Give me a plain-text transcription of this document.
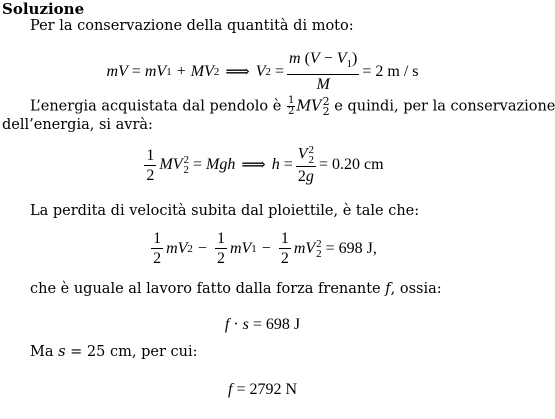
Soluzione
Per la conservazione della quantità di moto:
mV = mV 1 + MV 2 ⟹ V $2 = \frac{m (V - V_1)}{M} = 2$ m / s
L’energia acquistata dal pendolo è $\frac{1}{2}$ MV 2
2 e quindi, per la conservazione
dell’energia, si avrà:
$\frac{1}{2}$ MV 2
2 = Mgh ⟹ h = V 2
2
2g = 0.20 cm
La perdita di velocità subita dal ploiettile, è tale che:
$\frac{1}{2}$ mV $2 - \frac{1}{2}$ mV $1 - \frac{1}{2}$ mV 2
2
= 698 J,
che è uguale al lavoro fatto dalla forza frenante f, ossia:
f · s
= 698 J
Ma s = 25 cm, per cui:
f
= 2792 N
